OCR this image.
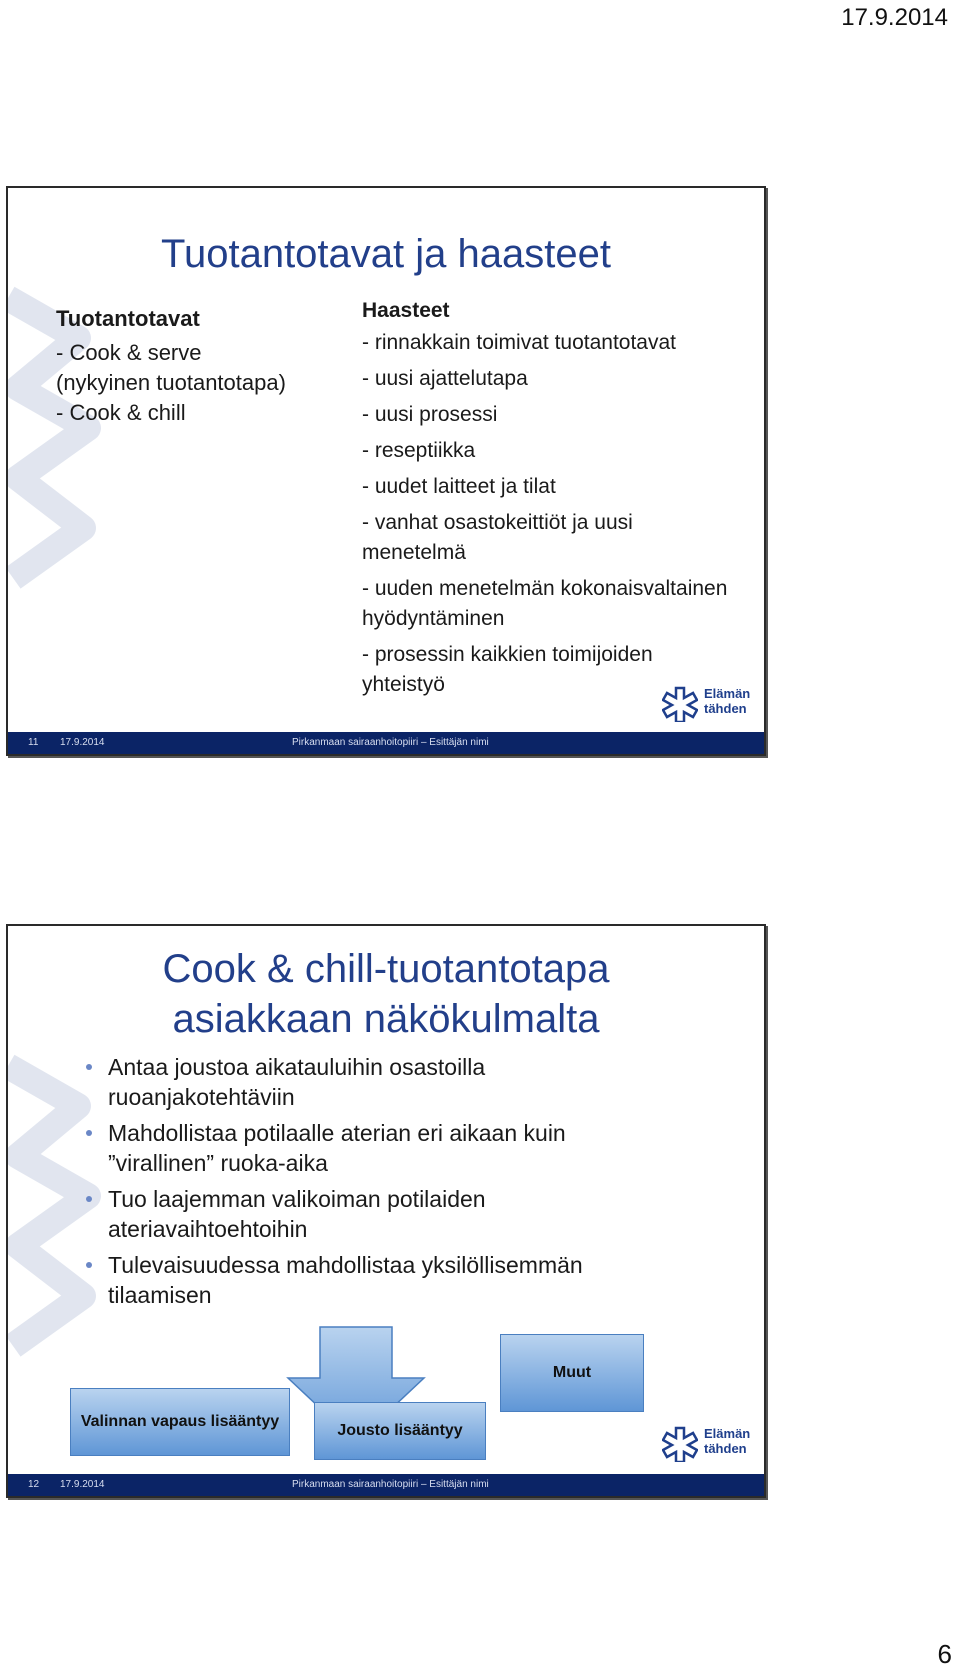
17.9.2014
Tuotantotavat ja haasteet
Tuotantotavat
- Cook & serve
(nykyinen tuotantotapa)
- Cook & chill
Haasteet
- rinnakkain toimivat tuotantotavat
- uusi ajattelutapa
- uusi prosessi
- reseptiikka
- uudet laitteet ja tilat
- vanhat osastokeittiöt ja uusi menetelmä
- uuden menetelmän kokonaisvaltainen hyödyntäminen
- prosessin kaikkien toimijoiden yhteistyö	Elämän
tähden
11 17.9.2014	Pirkanmaan sairaanhoitopiiri – Esittäjän nimi
Cook & chill-tuotantotapa
asiakkaan näkökulmalta
Antaa joustoa aikatauluihin osastoilla ruoanjakotehtäviin
Mahdollistaa potilaalle aterian eri aikaan kuin ”virallinen” ruoka-aika
Tuo laajemman valikoiman potilaiden ateriavaihtoehtoihin
Tulevaisuudessa mahdollistaa yksilöllisemmän tilaamisen
Valinnan vapaus lisääntyy
Jousto lisääntyy
Muut
Elämän
tähden
12 17.9.2014	Pirkanmaan sairaanhoitopiiri – Esittäjän nimi
6
